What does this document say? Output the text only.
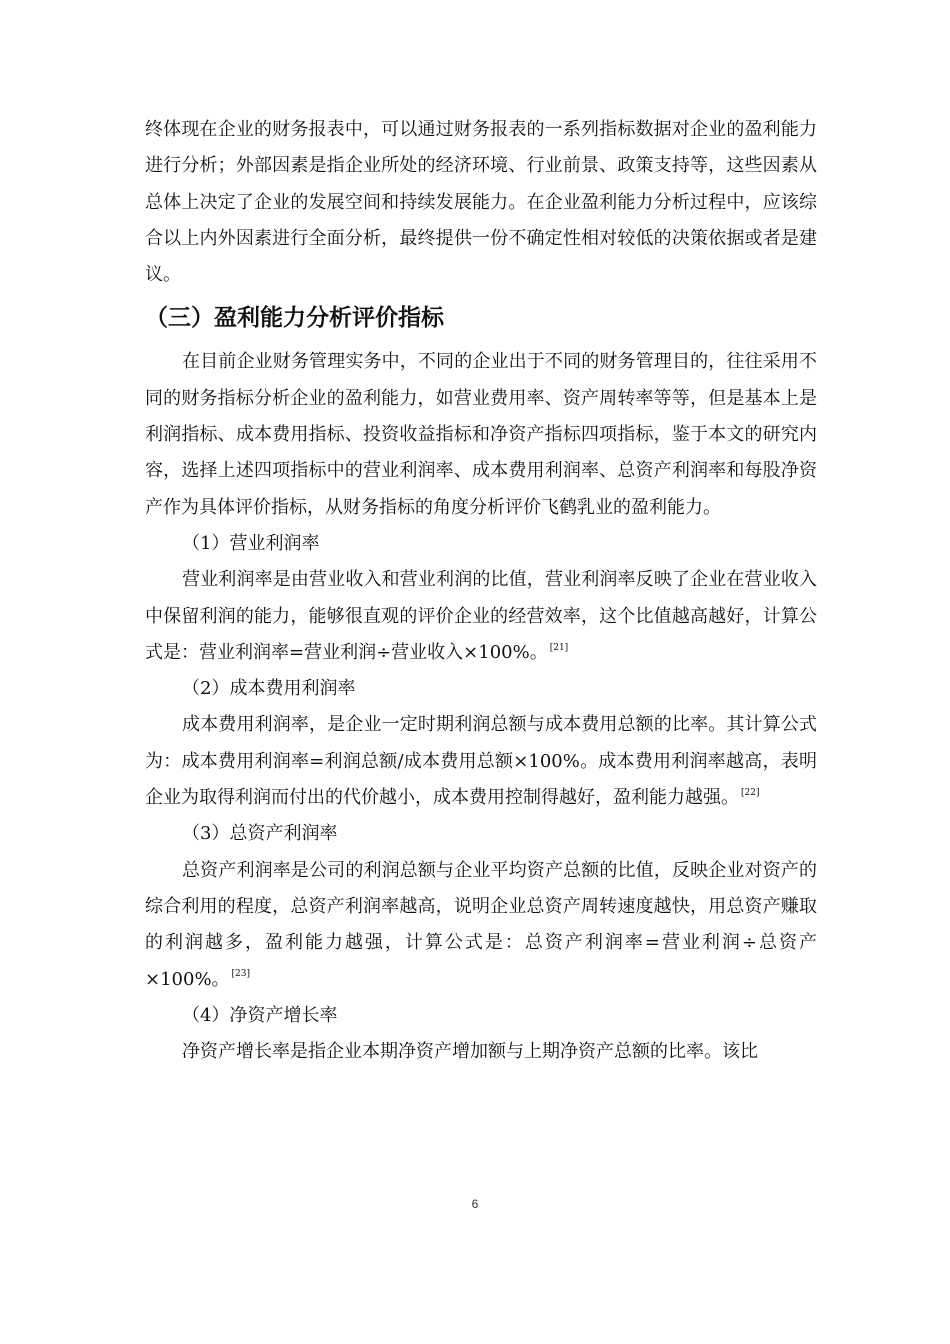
终体现在企业的财务报表中，可以通过财务报表的一系列指标数据对企业的盈利能力进行分析；外部因素是指企业所处的经济环境、行业前景、政策支持等，这些因素从总体上决定了企业的发展空间和持续发展能力。在企业盈利能力分析过程中，应该综合以上内外因素进行全面分析，最终提供一份不确定性相对较低的决策依据或者是建议。

（三）盈利能力分析评价指标

在目前企业财务管理实务中，不同的企业出于不同的财务管理目的，往往采用不同的财务指标分析企业的盈利能力，如营业费用率、资产周转率等等，但是基本上是利润指标、成本费用指标、投资收益指标和净资产指标四项指标，鉴于本文的研究内容，选择上述四项指标中的营业利润率、成本费用利润率、总资产利润率和每股净资产作为具体评价指标，从财务指标的角度分析评价飞鹤乳业的盈利能力。

（1）营业利润率

营业利润率是由营业收入和营业利润的比值，营业利润率反映了企业在营业收入中保留利润的能力，能够很直观的评价企业的经营效率，这个比值越高越好，计算公式是：营业利润率=营业利润÷营业收入×100%。 [21]

（2）成本费用利润率

成本费用利润率，是企业一定时期利润总额与成本费用总额的比率。其计算公式为：成本费用利润率=利润总额/成本费用总额×100%。成本费用利润率越高，表明企业为取得利润而付出的代价越小，成本费用控制得越好，盈利能力越强。 [22]

（3）总资产利润率

总资产利润率是公司的利润总额与企业平均资产总额的比值，反映企业对资产的综合利用的程度，总资产利润率越高，说明企业总资产周转速度越快，用总资产赚取的利润越多，盈利能力越强，计算公式是：总资产利润率=营业利润÷总资产×100%。 [23]

（4）净资产增长率

净资产增长率是指企业本期净资产增加额与上期净资产总额的比率。该比

6
